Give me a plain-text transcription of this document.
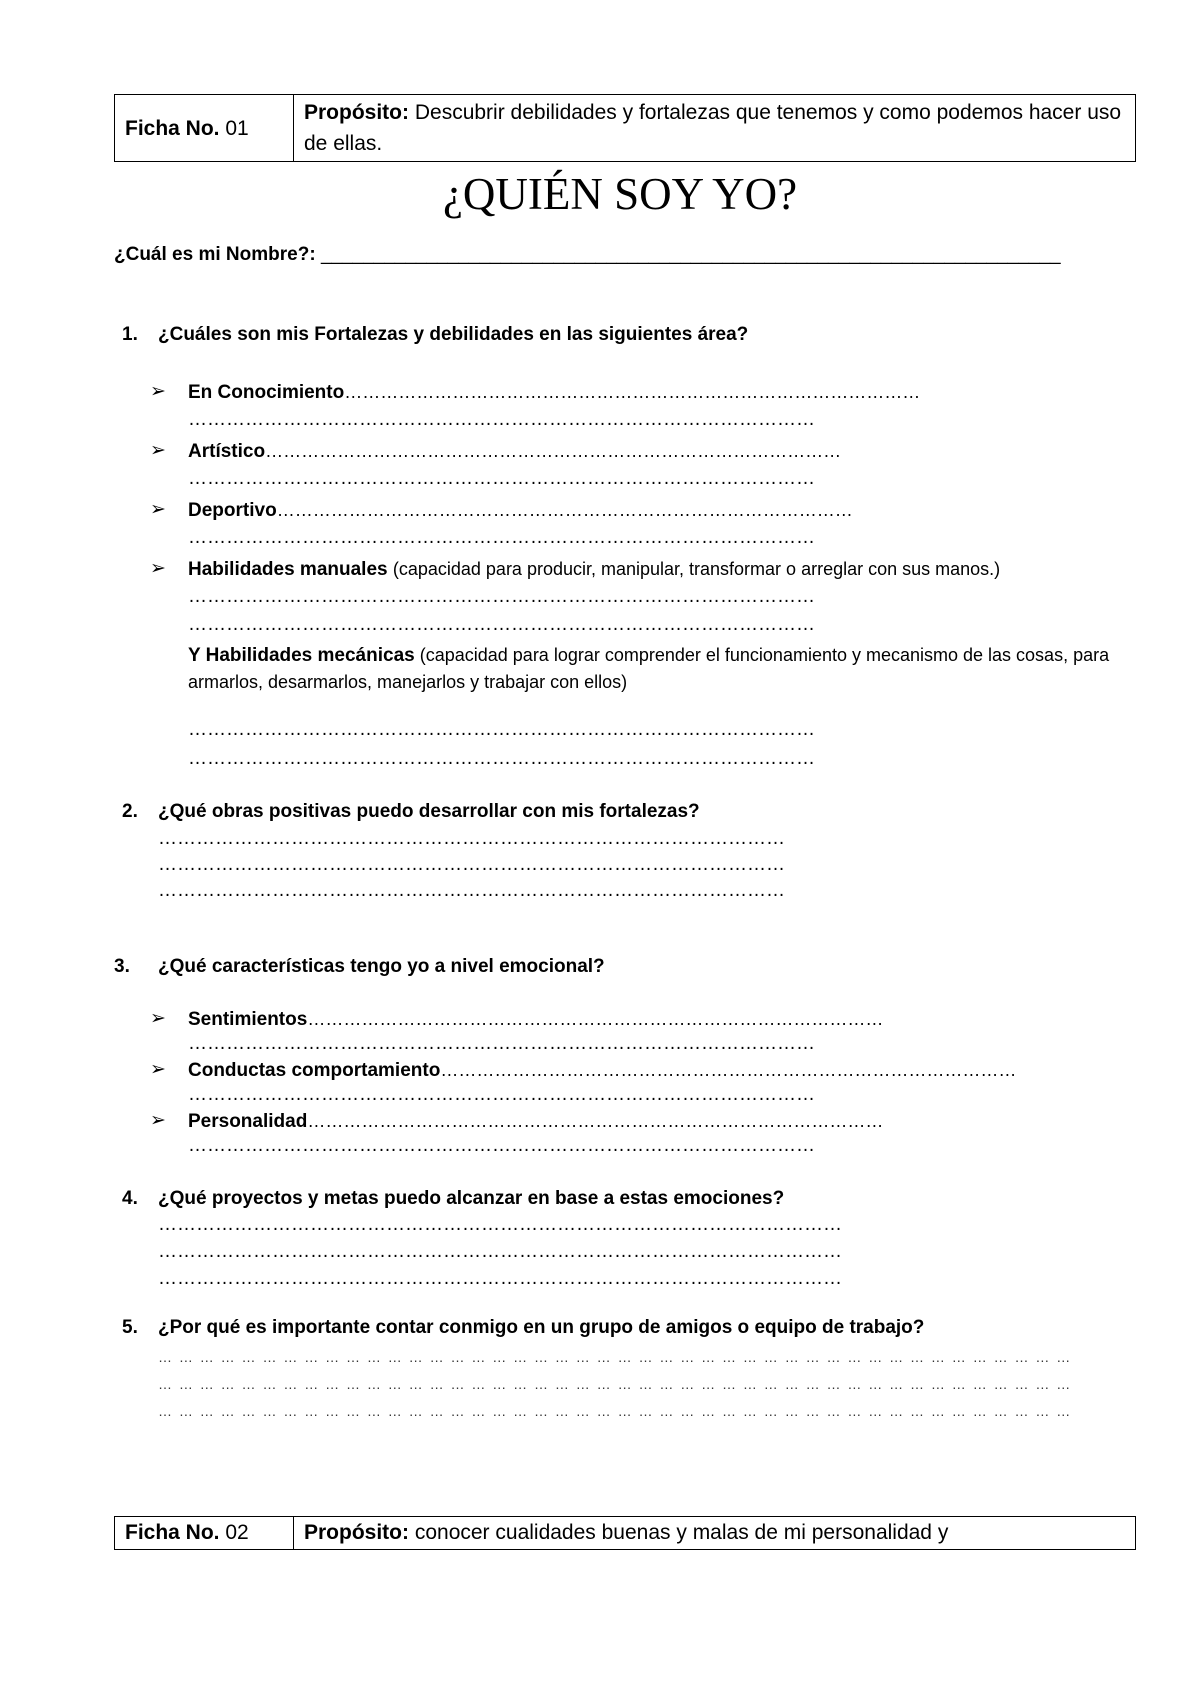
Ficha No. 01	Propósito: Descubrir debilidades y fortalezas que tenemos y como podemos hacer uso de ellas.
¿QUIÉN SOY YO?
¿Cuál es mi Nombre?: ______________________________________________________________________
1. ¿Cuáles son mis Fortalezas y debilidades en las siguientes área?
➢ En Conocimiento……………………………………………………………………………………
………………………………………………………………………………………
➢ Artístico……………………………………………………………………………………
………………………………………………………………………………………
➢ Deportivo……………………………………………………………………………………
………………………………………………………………………………………
➢ Habilidades manuales (capacidad para producir, manipular, transformar o arreglar con sus manos.)
………………………………………………………………………………………
………………………………………………………………………………………
Y Habilidades mecánicas (capacidad para lograr comprender el funcionamiento y mecanismo de las cosas, para armarlos, desarmarlos, manejarlos y trabajar con ellos)
………………………………………………………………………………………
………………………………………………………………………………………
2. ¿Qué obras positivas puedo desarrollar con mis fortalezas?
………………………………………………………………………………………
………………………………………………………………………………………
………………………………………………………………………………………
3. ¿Qué características tengo yo a nivel emocional?
➢ Sentimientos……………………………………………………………………………………
………………………………………………………………………………………
➢ Conductas comportamiento……………………………………………………………………………………
………………………………………………………………………………………
➢ Personalidad……………………………………………………………………………………
………………………………………………………………………………………
4. ¿Qué proyectos y metas puedo alcanzar en base a estas emociones?
………………………………………………………………………………………………
………………………………………………………………………………………………
………………………………………………………………………………………………
5. ¿Por qué es importante contar conmigo en un grupo de amigos o equipo de trabajo?
… … … … … … … … … … … … … … … … … … … … … … … … … … … … … … … … … … … … … … … … … … … …
… … … … … … … … … … … … … … … … … … … … … … … … … … … … … … … … … … … … … … … … … … … …
… … … … … … … … … … … … … … … … … … … … … … … … … … … … … … … … … … … … … … … … … … … …
Ficha No. 02	Propósito: conocer cualidades buenas y malas de mi personalidad y
